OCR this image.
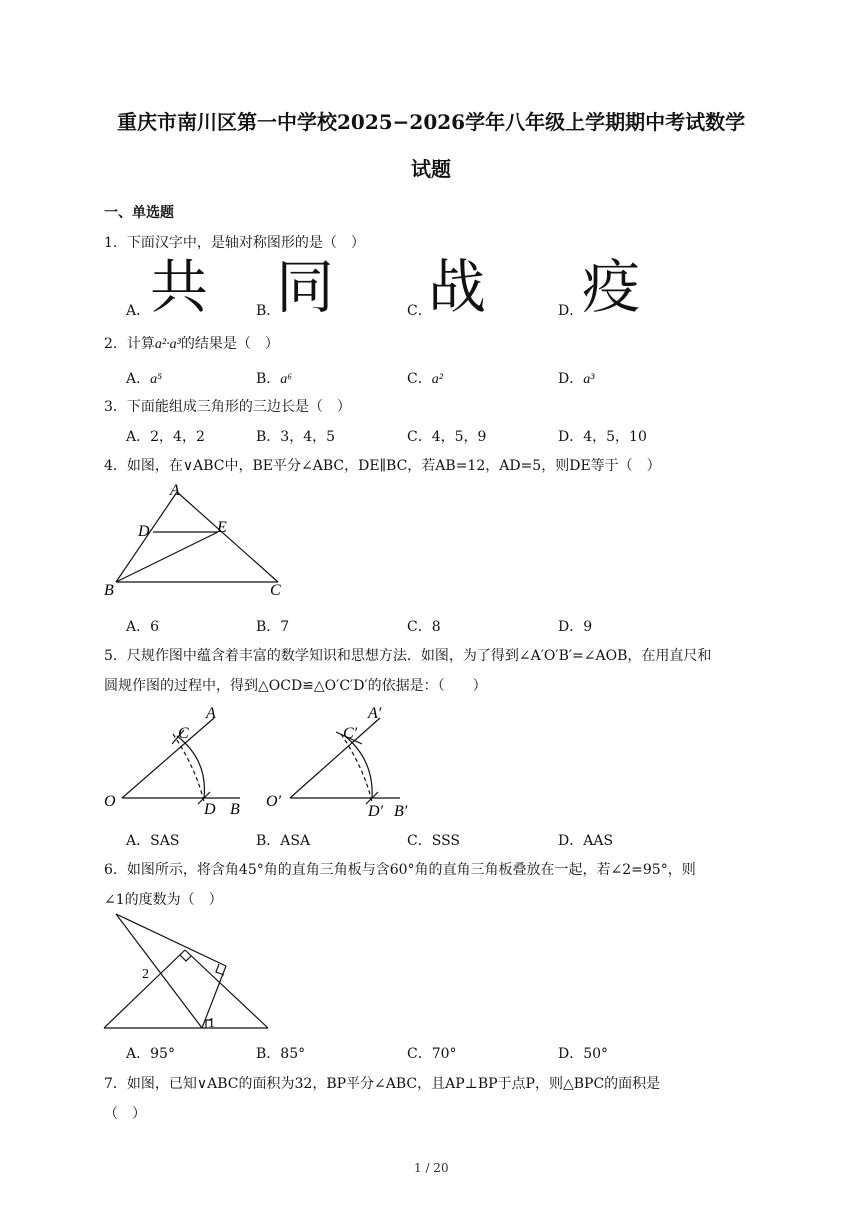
重庆市南川区第一中学校2025−2026学年八年级上学期期中考试数学
试题
一、单选题
1．下面汉字中，是轴对称图形的是（　）
A． 共	B．
同	C．
战	D．
疫
2．计算a²·a³的结果是（　）
A．a⁵	B．a⁶	C．a²	D．a³
3．下面能组成三角形的三边长是（　）
A．2，4，2	B．3，4，5	C．4，5，9	D．4，5，10
4．如图，在∨ABC中，BE平分∠ABC，DE∥BC，若AB=12，AD=5，则DE等于（　）
A
D	E
B	C
A．6	B．7	C．8	D．9
5．尺规作图中蕴含着丰富的数学知识和思想方法．如图，为了得到∠A′O′B′=∠AOB，在用直尺和
圆规作图的过程中，得到△OCD≌△O′C′D′的依据是：（　　）
O
A
C
D B O′
A′
C′
D′ B′
A．SAS	B．ASA	C．SSS	D．AAS
6．如图所示，将含角45°角的直角三角板与含60°角的直角三角板叠放在一起，若∠2=95°，则
∠1的度数为（　）
2
1
A．95°	B．85°	C．70°	D．50°
7．如图，已知∨ABC的面积为32，BP平分∠ABC，且AP⊥BP于点P，则△BPC的面积是
（　）
1 / 20
